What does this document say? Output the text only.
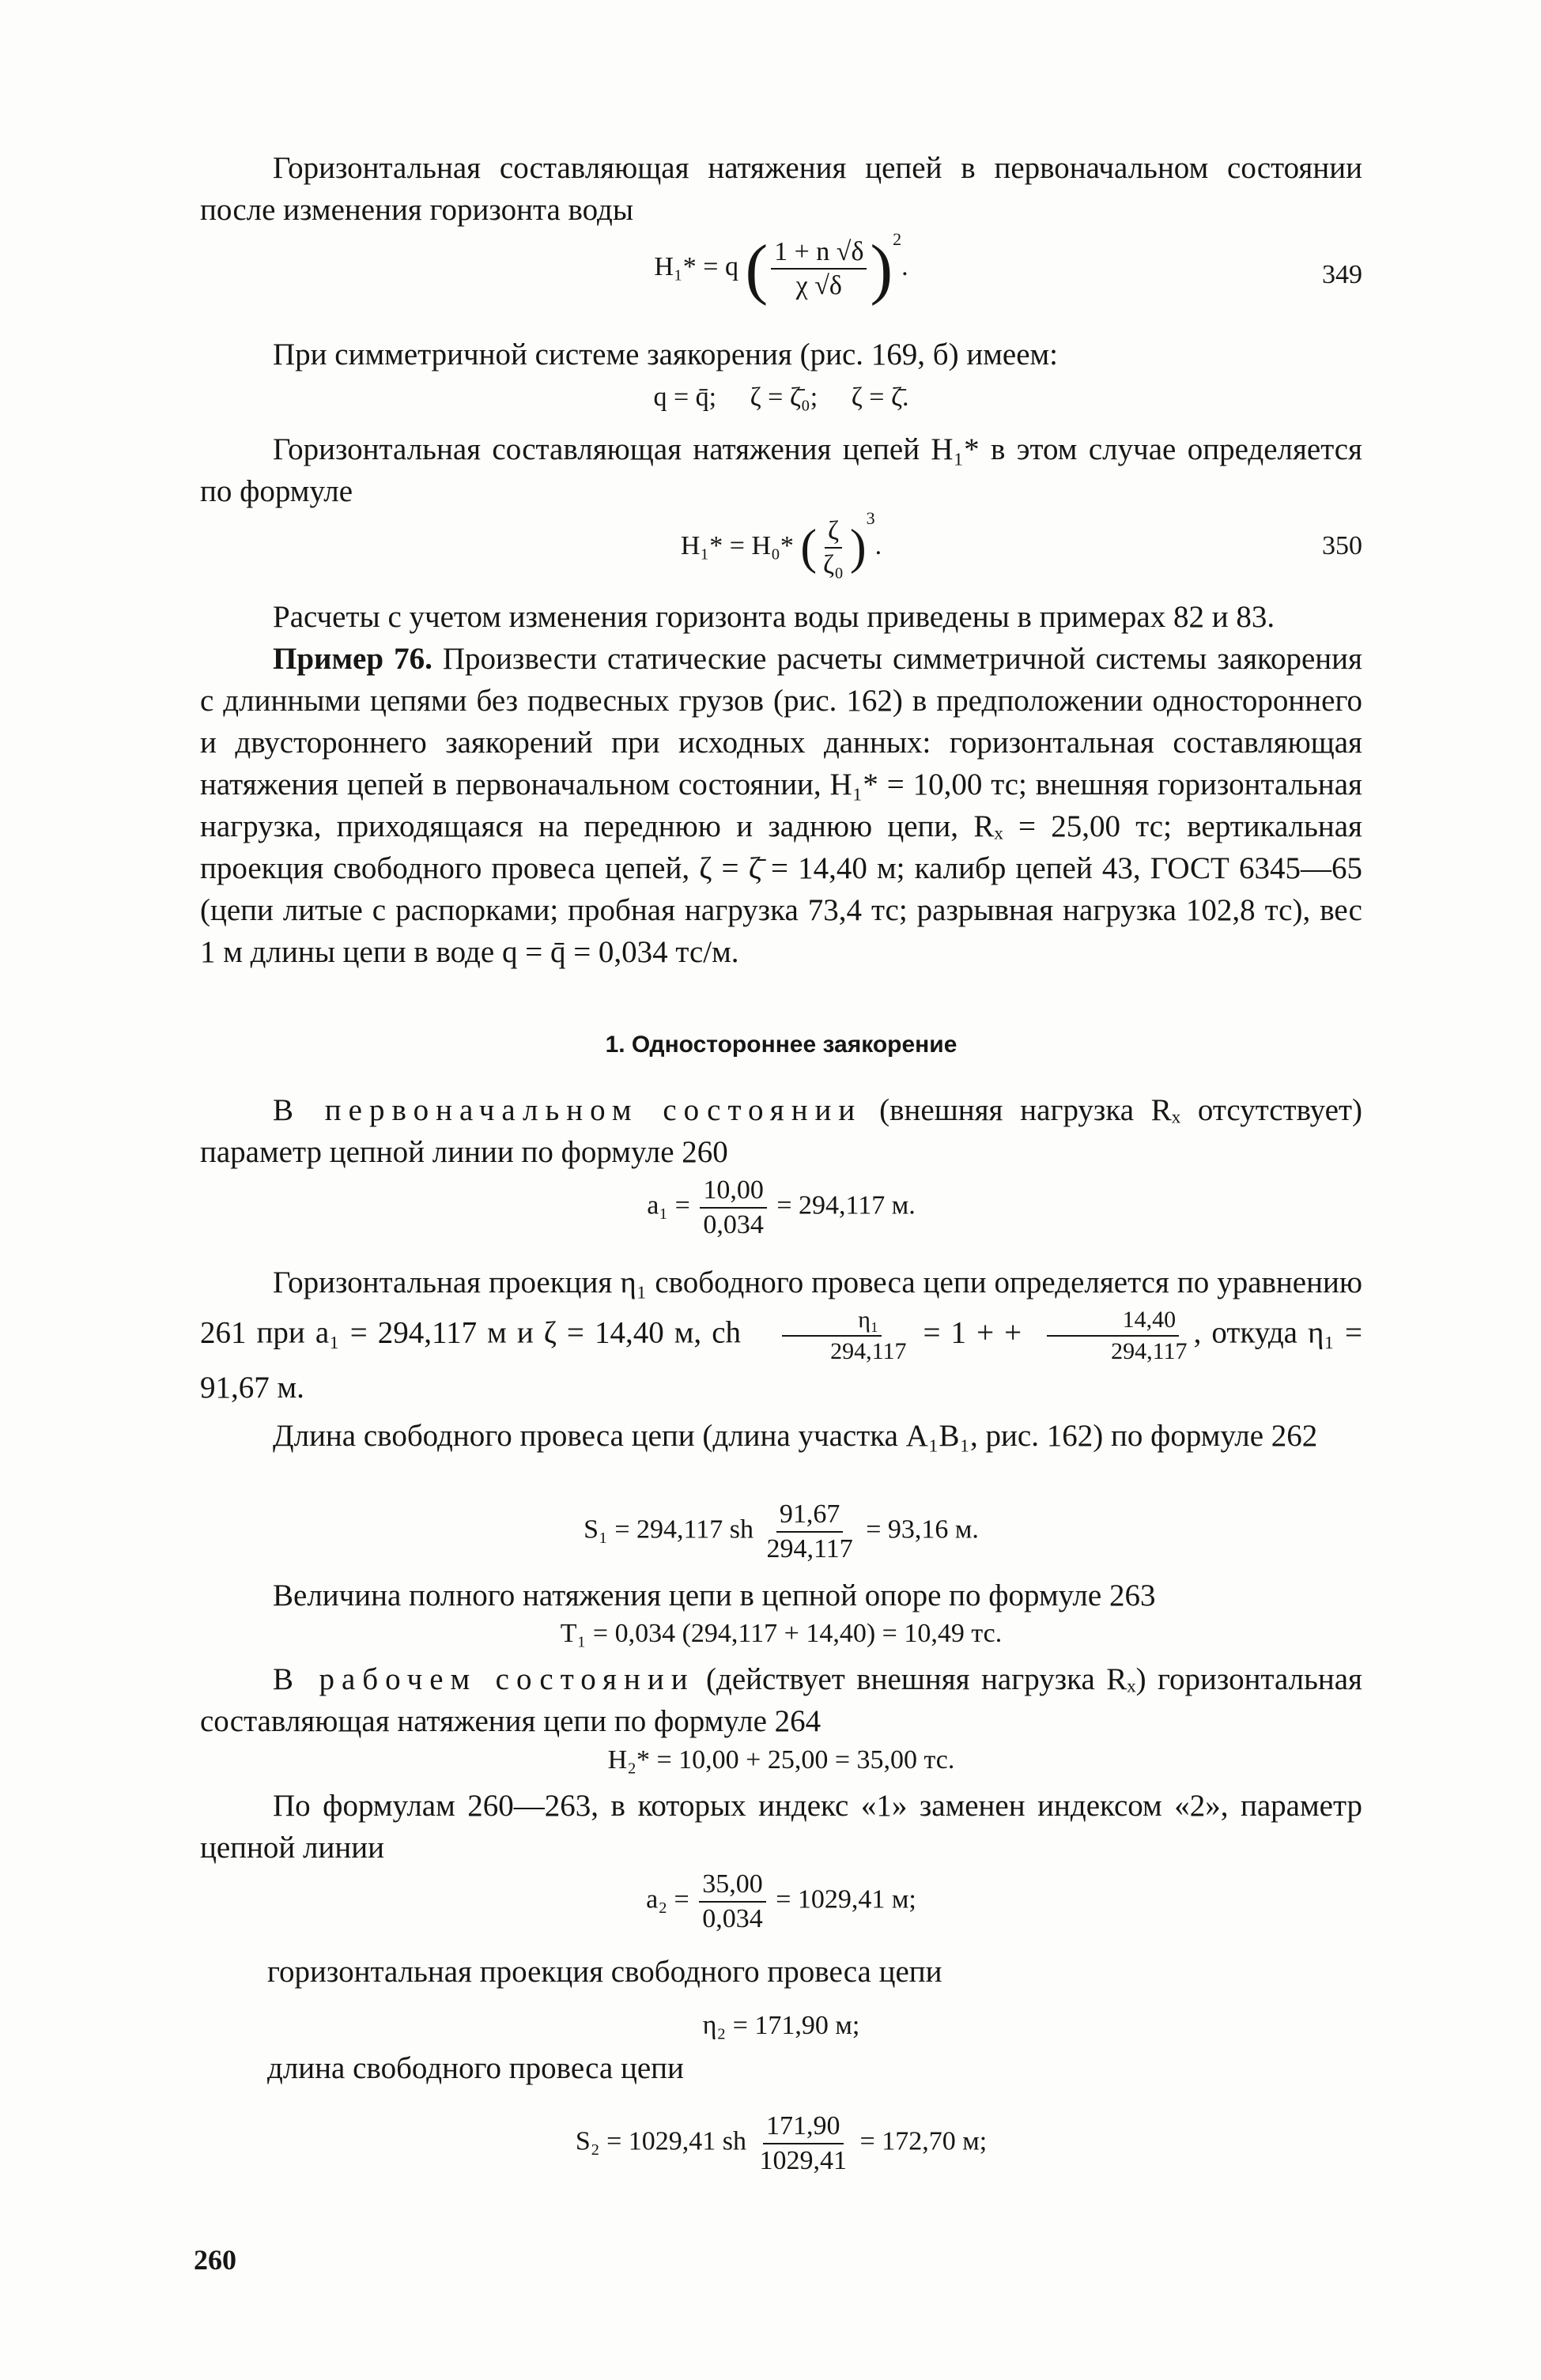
Горизонтальная составляющая натяжения цепей в первоначальном состоянии после изменения горизонта воды

H₁* = q ( $\frac{1 + n √\delta}{\chi √\delta} )^2$.	349

При симметричной системе заякорения (рис. 169, б) имеем:

q = q̄;     ζ = ζ̄₀;     ζ = ζ̄.

Горизонтальная составляющая натяжения цепей H₁* в этом случае определяется по формуле

H₁* = H₀* ( $\frac{\zeta}{\text{ζ₀}} )^3$.	350

Расчеты с учетом изменения горизонта воды приведены в примерах 82 и 83.

Пример 76. Произвести статические расчеты симметричной системы заякорения с длинными цепями без подвесных грузов (рис. 162) в предположении одностороннего и двустороннего заякорений при исходных данных: горизонтальная составляющая натяжения цепей в первоначальном состоянии, H₁* = 10,00 тс; внешняя горизонтальная нагрузка, приходящаяся на переднюю и заднюю цепи, Rₓ = 25,00 тс; вертикальная проекция свободного провеса цепей, ζ = ζ̄ = 14,40 м; калибр цепей 43, ГОСТ 6345—65 (цепи литые с распорками; пробная нагрузка 73,4 тс; разрывная нагрузка 102,8 тс), вес 1 м длины цепи в воде q = q̄ = 0,034 тс/м.

1. Одностороннее заякорение

В первоначальном состоянии (внешняя нагрузка Rₓ отсутствует) параметр цепной линии по формуле 260

$a_1 = \frac{10,00}{0,034} = 294,117$ м.

Горизонтальная проекция η₁ свободного провеса цепи определяется по уравнению 261 при a₁ = 294,117 м и ζ = 14,40 м, ch $\frac{\text{η₁}}{294,117} = 1$ + + $\frac{14,40}{294,117}$ , откуда η₁ = 91,67 м.

Длина свободного провеса цепи (длина участка A₁B₁, рис. 162) по формуле 262

S₁ = 294,117 sh $\frac{91,67}{294,117} = 93,16$ м.

Величина полного натяжения цепи в цепной опоре по формуле 263

T₁ = 0,034 (294,117 + 14,40) = 10,49 тс.

В рабочем состоянии (действует внешняя нагрузка Rₓ) горизонтальная составляющая натяжения цепи по формуле 264

H₂* = 10,00 + 25,00 = 35,00 тс.

По формулам 260—263, в которых индекс «1» заменен индексом «2», параметр цепной линии

$a_2 = \frac{35,00}{0,034} = 1029,41$ м;

горизонтальная проекция свободного провеса цепи

η₂ = 171,90 м;

длина свободного провеса цепи

S₂ = 1029,41 sh $\frac{171,90}{1029,41} = 172,70$ м;
260
